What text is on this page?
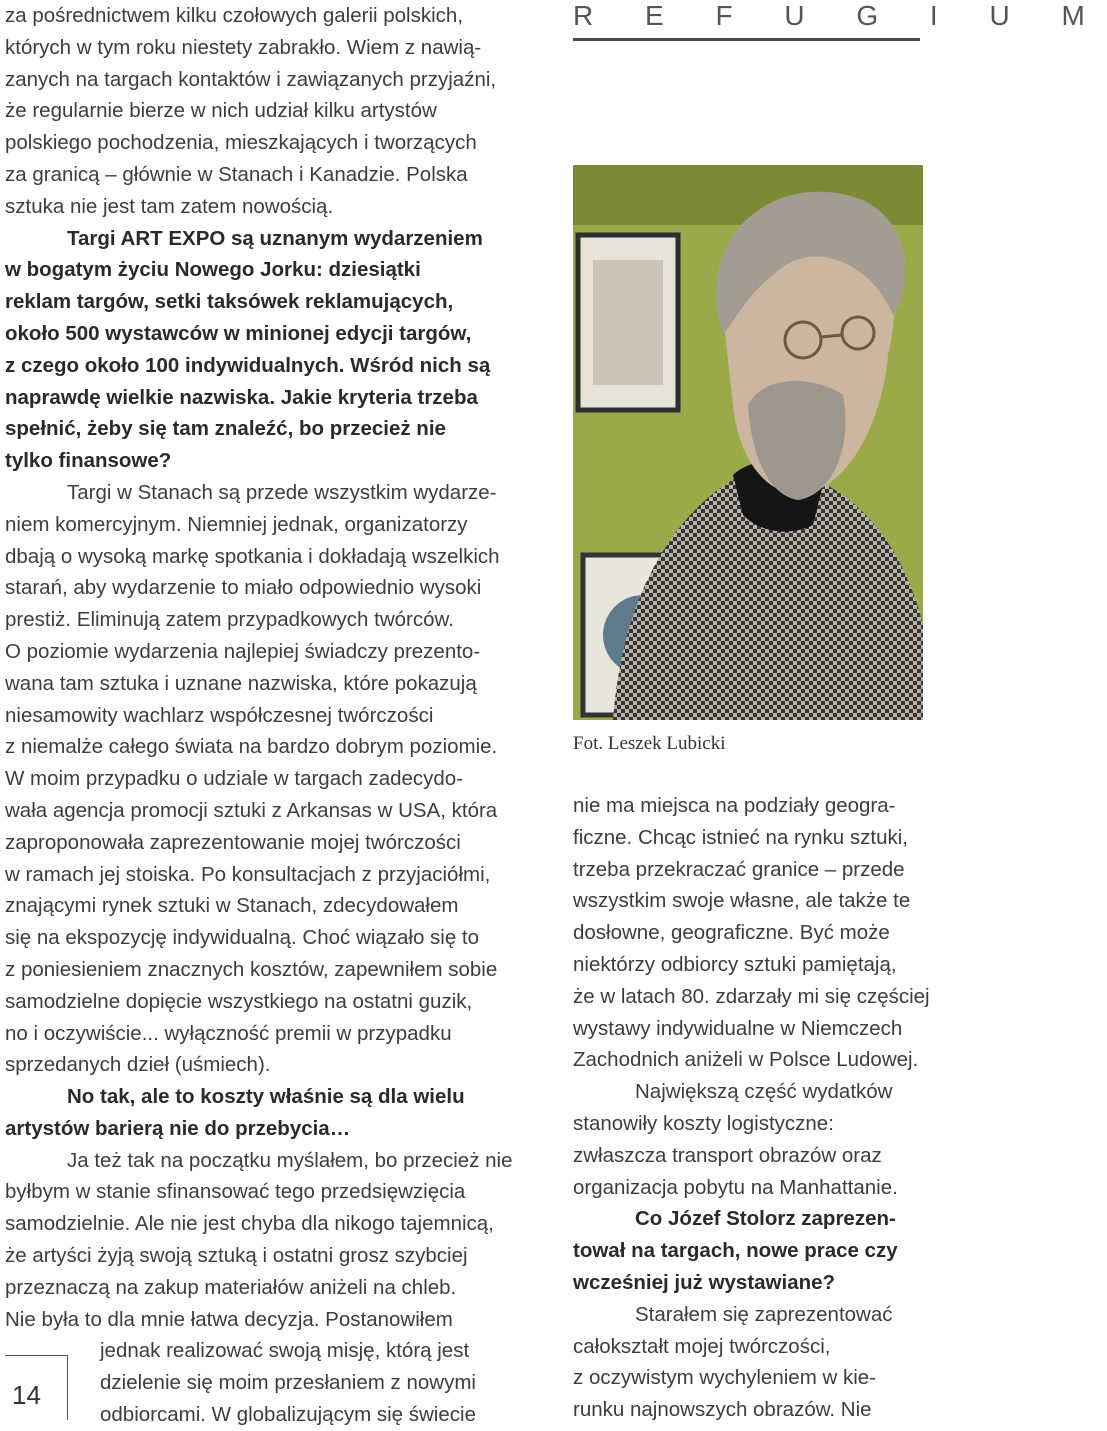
R E F U G I U M
za pośrednictwem kilku czołowych galerii polskich,
których w tym roku niestety zabrakło. Wiem z nawią-
zanych na targach kontaktów i zawiązanych przyjaźni,
że regularnie bierze w nich udział kilku artystów
polskiego pochodzenia, mieszkających i tworzących
za granicą – głównie w Stanach i Kanadzie. Polska
sztuka nie jest tam zatem nowością.
Targi ART EXPO są uznanym wydarzeniem
w bogatym życiu Nowego Jorku: dziesiątki
reklam targów, setki taksówek reklamujących,
około 500 wystawców w minionej edycji targów,
z czego około 100 indywidualnych. Wśród nich są
naprawdę wielkie nazwiska. Jakie kryteria trzeba
spełnić, żeby się tam znaleźć, bo przecież nie
tylko finansowe?
Targi w Stanach są przede wszystkim wydarze-
niem komercyjnym. Niemniej jednak, organizatorzy
dbają o wysoką markę spotkania i dokładają wszelkich
starań, aby wydarzenie to miało odpowiednio wysoki
prestiż. Eliminują zatem przypadkowych twórców.
O poziomie wydarzenia najlepiej świadczy prezento-
wana tam sztuka i uznane nazwiska, które pokazują
niesamowity wachlarz współczesnej twórczości
z niemalże całego świata na bardzo dobrym poziomie.
W moim przypadku o udziale w targach zadecydo-
wała agencja promocji sztuki z Arkansas w USA, która
zaproponowała zaprezentowanie mojej twórczości
w ramach jej stoiska. Po konsultacjach z przyjaciółmi,
znającymi rynek sztuki w Stanach, zdecydowałem
się na ekspozycję indywidualną. Choć wiązało się to
z poniesieniem znacznych kosztów, zapewniłem sobie
samodzielne dopięcie wszystkiego na ostatni guzik,
no i oczywiście... wyłączność premii w przypadku
sprzedanych dzieł (uśmiech).
No tak, ale to koszty właśnie są dla wielu
artystów barierą nie do przebycia…
Ja też tak na początku myślałem, bo przecież nie
byłbym w stanie sfinansować tego przedsięwzięcia
samodzielnie. Ale nie jest chyba dla nikogo tajemnicą,
że artyści żyją swoją sztuką i ostatni grosz szybciej
przeznaczą na zakup materiałów aniżeli na chleb.
Nie była to dla mnie łatwa decyzja. Postanowiłem
jednak realizować swoją misję, którą jest
dzielenie się moim przesłaniem z nowymi
odbiorcami. W globalizującym się świecie
Fot. Leszek Lubicki
nie ma miejsca na podziały geogra-
ficzne. Chcąc istnieć na rynku sztuki,
trzeba przekraczać granice – przede
wszystkim swoje własne, ale także te
dosłowne, geograficzne. Być może
niektórzy odbiorcy sztuki pamiętają,
że w latach 80. zdarzały mi się częściej
wystawy indywidualne w Niemczech
Zachodnich aniżeli w Polsce Ludowej.
Największą część wydatków
stanowiły koszty logistyczne:
zwłaszcza transport obrazów oraz
organizacja pobytu na Manhattanie.
Co Józef Stolorz zaprezen-
tował na targach, nowe prace czy
wcześniej już wystawiane?
Starałem się zaprezentować
całokształt mojej twórczości,
z oczywistym wychyleniem w kie-
runku najnowszych obrazów. Nie
14
